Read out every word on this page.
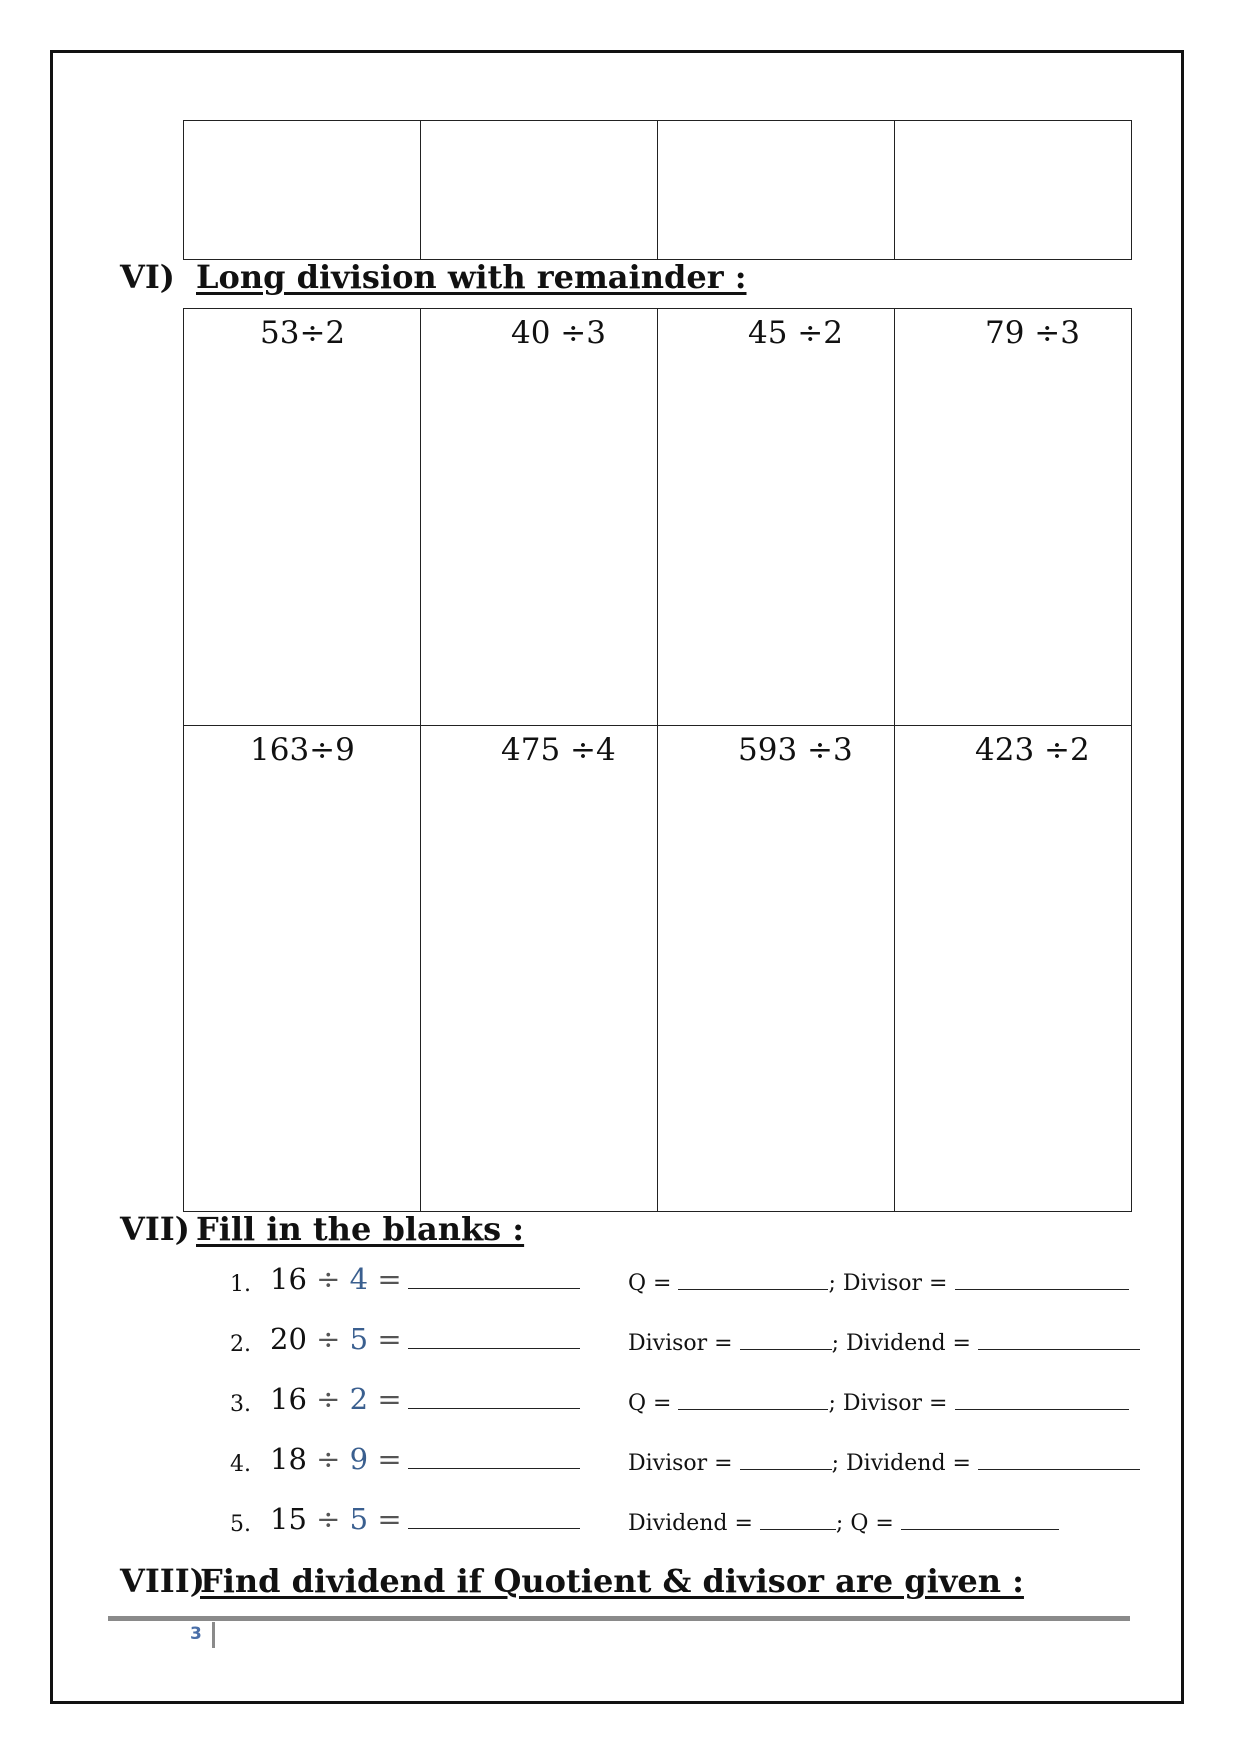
VI) Long division with remainder :
53÷2	40 ÷3	45 ÷2	79 ÷3

163÷9	475 ÷4	593 ÷3	423 ÷2
VII) Fill in the blanks :
1. 16 ÷ 4 =	Q =	; Divisor =
2. 20 ÷ 5 =	Divisor =	; Dividend =
3. 16 ÷ 2 =	Q =	; Divisor =
4. 18 ÷ 9 =	Divisor =	; Dividend =
5. 15 ÷ 5 =	Dividend =	; Q =
VIII)Find dividend if Quotient & divisor are given :
3
